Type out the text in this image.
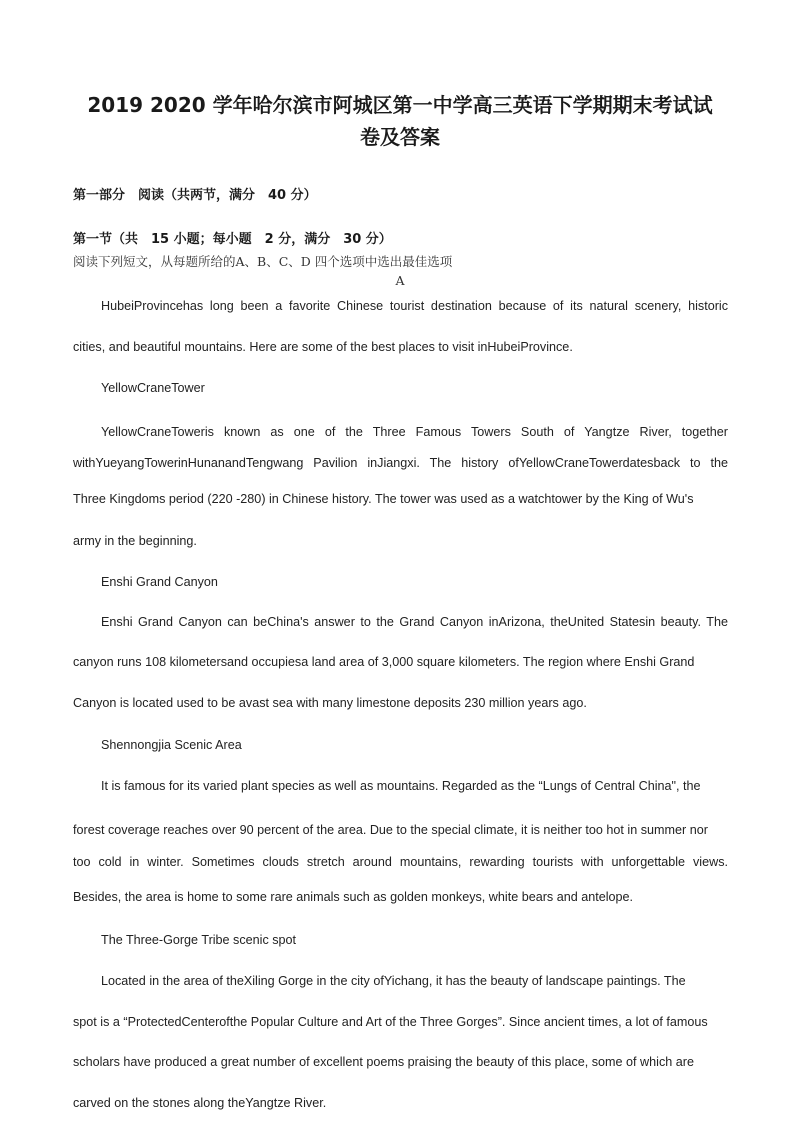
2019 2020 学年哈尔滨市阿城区第一中学高三英语下学期期末考试试
卷及答案
第一部分　阅读（共两节，满分　40 分）
第一节（共　15 小题；每小题　2 分，满分　30 分）
阅读下列短文，从每题所给的A、B、C、D 四个选项中选出最佳选项
A
HubeiProvincehas long been a favorite Chinese tourist destination because of its natural scenery, historic
cities, and beautiful mountains. Here are some of the best places to visit inHubeiProvince.
YellowCraneTower
YellowCraneToweris known as one of the Three Famous Towers South of Yangtze River, together
withYueyangTowerinHunanandTengwang Pavilion inJiangxi. The history ofYellowCraneTowerdatesback to the
Three Kingdoms period (220 -280) in Chinese history. The tower was used as a watchtower by the King of Wu's
army in the beginning.
Enshi Grand Canyon
Enshi Grand Canyon can beChina's answer to the Grand Canyon inArizona, theUnited Statesin beauty. The
canyon runs 108 kilometersand occupiesa land area of 3,000 square kilometers. The region where Enshi Grand
Canyon is located used to be avast sea with many limestone deposits 230 million years ago.
Shennongjia Scenic Area
It is famous for its varied plant species as well as mountains. Regarded as the “Lungs of Central China", the
forest coverage reaches over 90 percent of the area. Due to the special climate, it is neither too hot in summer nor
too cold in winter. Sometimes clouds stretch around mountains, rewarding tourists with unforgettable views.
Besides, the area is home to some rare animals such as golden monkeys, white bears and antelope.
The Three-Gorge Tribe scenic spot
Located in the area of theXiling Gorge in the city ofYichang, it has the beauty of landscape paintings. The
spot is a “ProtectedCenterofthe Popular Culture and Art of the Three Gorges”. Since ancient times, a lot of famous
scholars have produced a great number of excellent poems praising the beauty of this place, some of which are
carved on the stones along theYangtze River.
